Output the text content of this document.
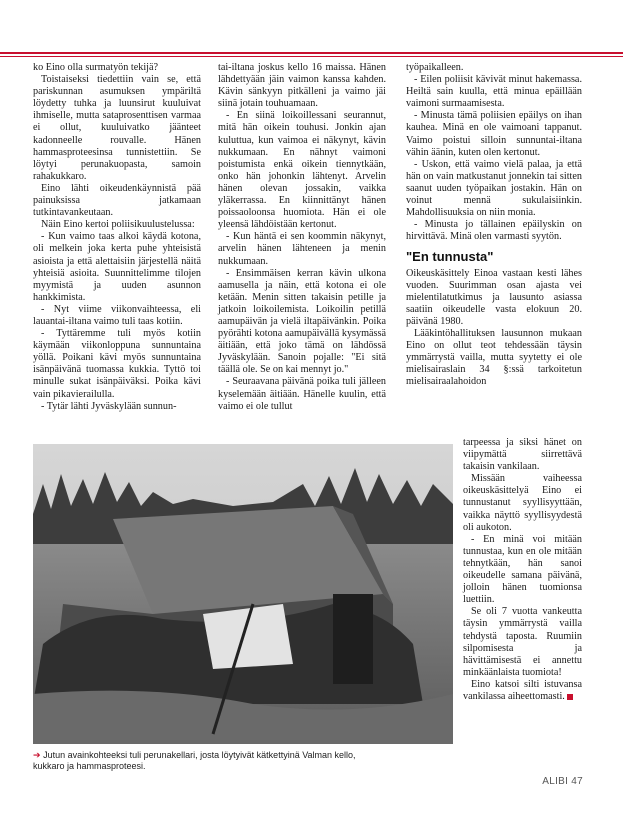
ko Eino olla surmatyön tekijä?

Toistaiseksi tiedettiin vain se, että pariskunnan asumuksen ympäriltä löydetty tuhka ja luunsirut kuuluivat ihmiselle, mutta sataprosenttisen varmaa ei ollut, kuuluivatko jäänteet kadonneelle rouvalle. Hänen hammasproteesinsa tunnistettiin. Se löytyi perunakuopasta, samoin rahakukkaro.

Eino lähti oikeudenkäynnistä pää painuksissa jatkamaan tutkintavankeutaan.

Näin Eino kertoi poliisikuulustelussa:

- Kun vaimo taas alkoi käydä kotona, oli melkein joka kerta puhe yhteisistä asioista ja että alettaisiin järjestellä näitä yhteisiä asioita. Suunnittelimme tilojen myymistä ja uuden asunnon hankkimista.

- Nyt viime viikonvaihteessa, eli lauantai-iltana vaimo tuli taas kotiin.

- Tyttäremme tuli myös kotiin käymään viikonloppuna sunnuntaina yöllä. Poikani kävi myös sunnuntaina isänpäivänä tuomassa kukkia. Tyttö toi minulle sukat isänpäiväksi. Poika kävi vain pikavierailulla.

- Tytär lähti Jyväskylään sunnun-

tai-iltana joskus kello 16 maissa. Hänen lähdettyään jäin vaimon kanssa kahden. Kävin sänkyyn pitkälleni ja vaimo jäi siinä jotain touhuamaan.

- En siinä loikoillessani seurannut, mitä hän oikein touhusi. Jonkin ajan kuluttua, kun vaimoa ei näkynyt, kävin nukkumaan. En nähnyt vaimoni poistumista enkä oikein tiennytkään, onko hän johonkin lähtenyt. Arvelin hänen olevan jossakin, vaikka yläkerrassa. En kiinnittänyt hänen poissaoloonsa huomiota. Hän ei ole yleensä lähdöistään kertonut.

- Kun häntä ei sen koommin näkynyt, arvelin hänen lähteneen ja menin nukkumaan.

- Ensimmäisen kerran kävin ulkona aamusella ja näin, että kotona ei ole ketään. Menin sitten takaisin petille ja jatkoin loikoilemista. Loikoilin petillä aamupäivän ja vielä iltapäivänkin. Poika pyörähti kotona aamupäivällä kysymässä äitiään, että joko tämä on lähdössä Jyväskylään. Sanoin pojalle: "Ei sitä täällä ole. Se on kai mennyt jo."

- Seuraavana päivänä poika tuli jälleen kyselemään äitiään. Hänelle kuulin, että vaimo ei ole tullut

työpaikalleen.

- Eilen poliisit kävivät minut hakemassa. Heiltä sain kuulla, että minua epäillään vaimoni surmaamisesta.

- Minusta tämä poliisien epäilys on ihan kauhea. Minä en ole vaimoani tappanut. Vaimo poistui silloin sunnuntai-iltana vähin äänin, kuten olen kertonut.

- Uskon, että vaimo vielä palaa, ja että hän on vain matkustanut jonnekin tai sitten saanut uuden työpaikan jostakin. Hän on voinut mennä sukulaisiinkin. Mahdollisuuksia on niin monia.

- Minusta jo tällainen epäilyskin on hirvittävä. Minä olen varmasti syytön.

"En tunnusta"

Oikeuskäsittely Einoa vastaan kesti lähes vuoden. Suurimman osan ajasta vei mielentilatutkimus ja lausunto asiassa saatiin oikeudelle vasta elokuun 20. päivänä 1980.

Lääkintöhallituksen lausunnon mukaan Eino on ollut teot tehdessään täysin ymmärrystä vailla, mutta syytetty ei ole mielisairaslain 34 §:ssä tarkoitetun mielisairaalahoidon

tarpeessa ja siksi hänet on viipymättä siirrettävä takaisin vankilaan.

Missään vaiheessa oikeuskäsittelyä Eino ei tunnustanut syyllisyyttään, vaikka näyttö syyllisyydestä oli aukoton.

- En minä voi mitään tunnustaa, kun en ole mitään tehnytkään, hän sanoi oikeudelle samana päivänä, jolloin hänen tuomionsa luettiin.

Se oli 7 vuotta vankeutta täysin ymmärrystä vailla tehdystä taposta. Ruumiin silpomisesta ja hävittämisestä ei annettu minkäänlaista tuomiota!

Eino katsoi silti istuvansa vankilassa aiheettomasti.

➔ Jutun avainkohteeksi tuli perunakellari, josta löytyivät kätkettyinä Valman kello, kukkaro ja hammasproteesi.
ALIBI 47
